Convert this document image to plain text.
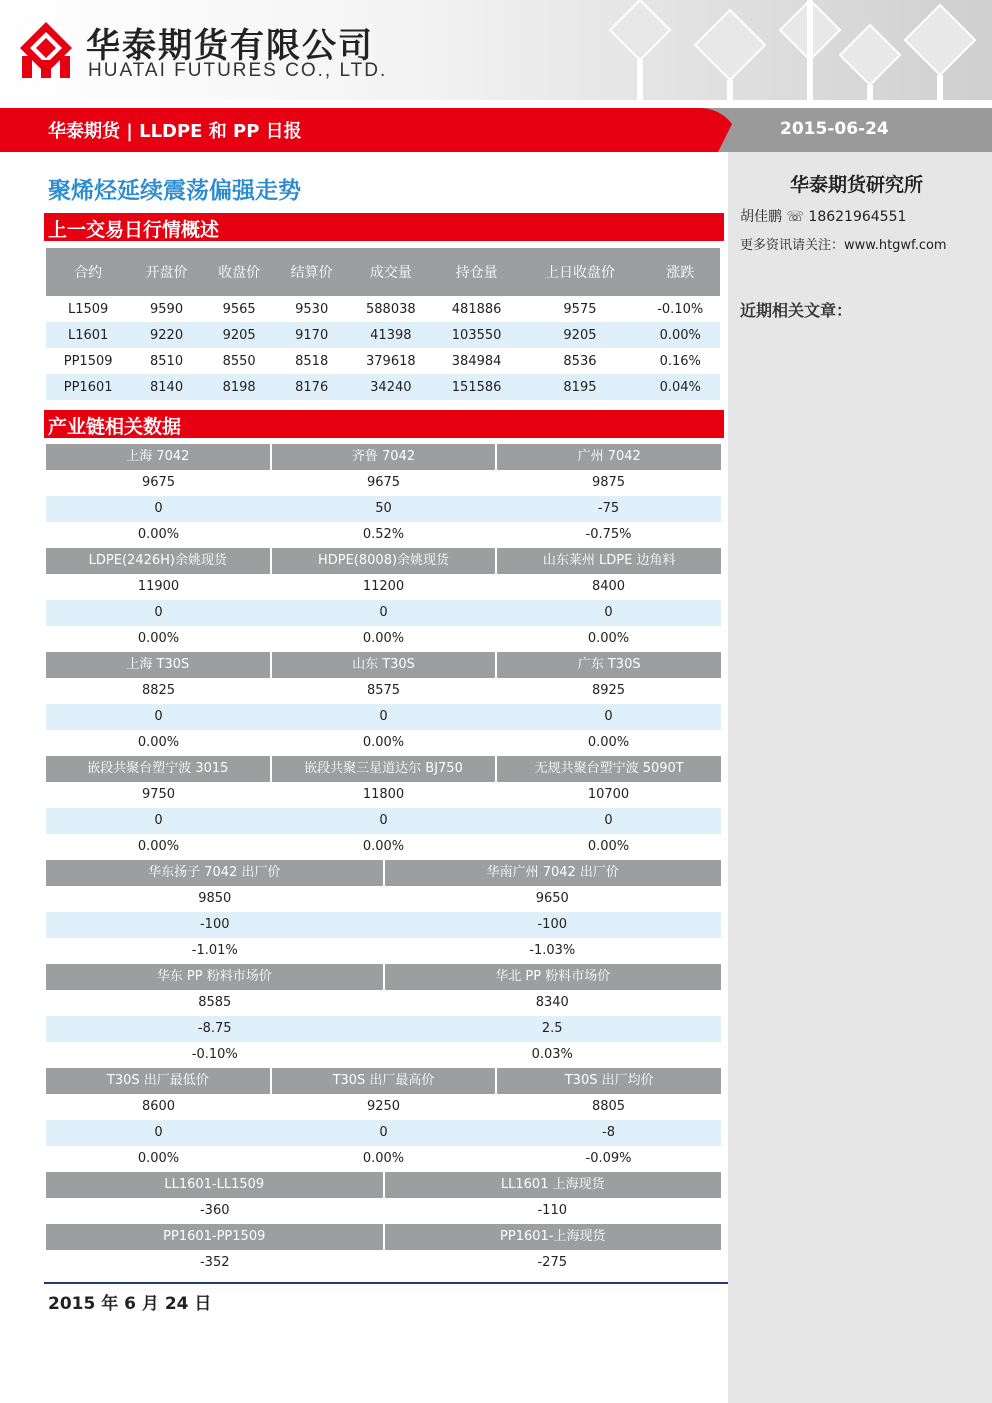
华泰期货有限公司
HUATAI FUTURES CO., LTD.
华泰期货 | LLDPE 和 PP 日报	2015-06-24
华泰期货研究所
胡佳鹏 ☏ 18621964551
更多资讯请关注：www.htgwf.com
近期相关文章：
聚烯烃延续震荡偏强走势
上一交易日行情概述
合约	开盘价	收盘价	结算价	成交量	持仓量	上日收盘价	涨跌
L1509	9590	9565	9530	588038	481886	9575	-0.10%
L1601	9220	9205	9170	41398	103550	9205	0.00%
PP1509	8510	8550	8518	379618	384984	8536	0.16%
PP1601	8140	8198	8176	34240	151586	8195	0.04%
产业链相关数据
上海 7042	齐鲁 7042	广州 7042
9675	9675	9875
0	50	-75
0.00%	0.52%	-0.75%
LDPE(2426H)余姚现货	HDPE(8008)余姚现货	山东莱州 LDPE 边角料
11900	11200	8400
0	0	0
0.00%	0.00%	0.00%
上海 T30S	山东 T30S	广东 T30S
8825	8575	8925
0	0	0
0.00%	0.00%	0.00%
嵌段共聚台塑宁波 3015	嵌段共聚三星道达尔 BJ750	无规共聚台塑宁波 5090T
9750	11800	10700
0	0	0
0.00%	0.00%	0.00%
华东扬子 7042 出厂价	华南广州 7042 出厂价
9850	9650
-100	-100
-1.01%	-1.03%
华东 PP 粉料市场价	华北 PP 粉料市场价
8585	8340
-8.75	2.5
-0.10%	0.03%
T30S 出厂最低价	T30S 出厂最高价	T30S 出厂均价
8600	9250	8805
0	0	-8
0.00%	0.00%	-0.09%
LL1601-LL1509	LL1601 上海现货
-360	-110
PP1601-PP1509	PP1601-上海现货
-352	-275
2015 年 6 月 24 日
